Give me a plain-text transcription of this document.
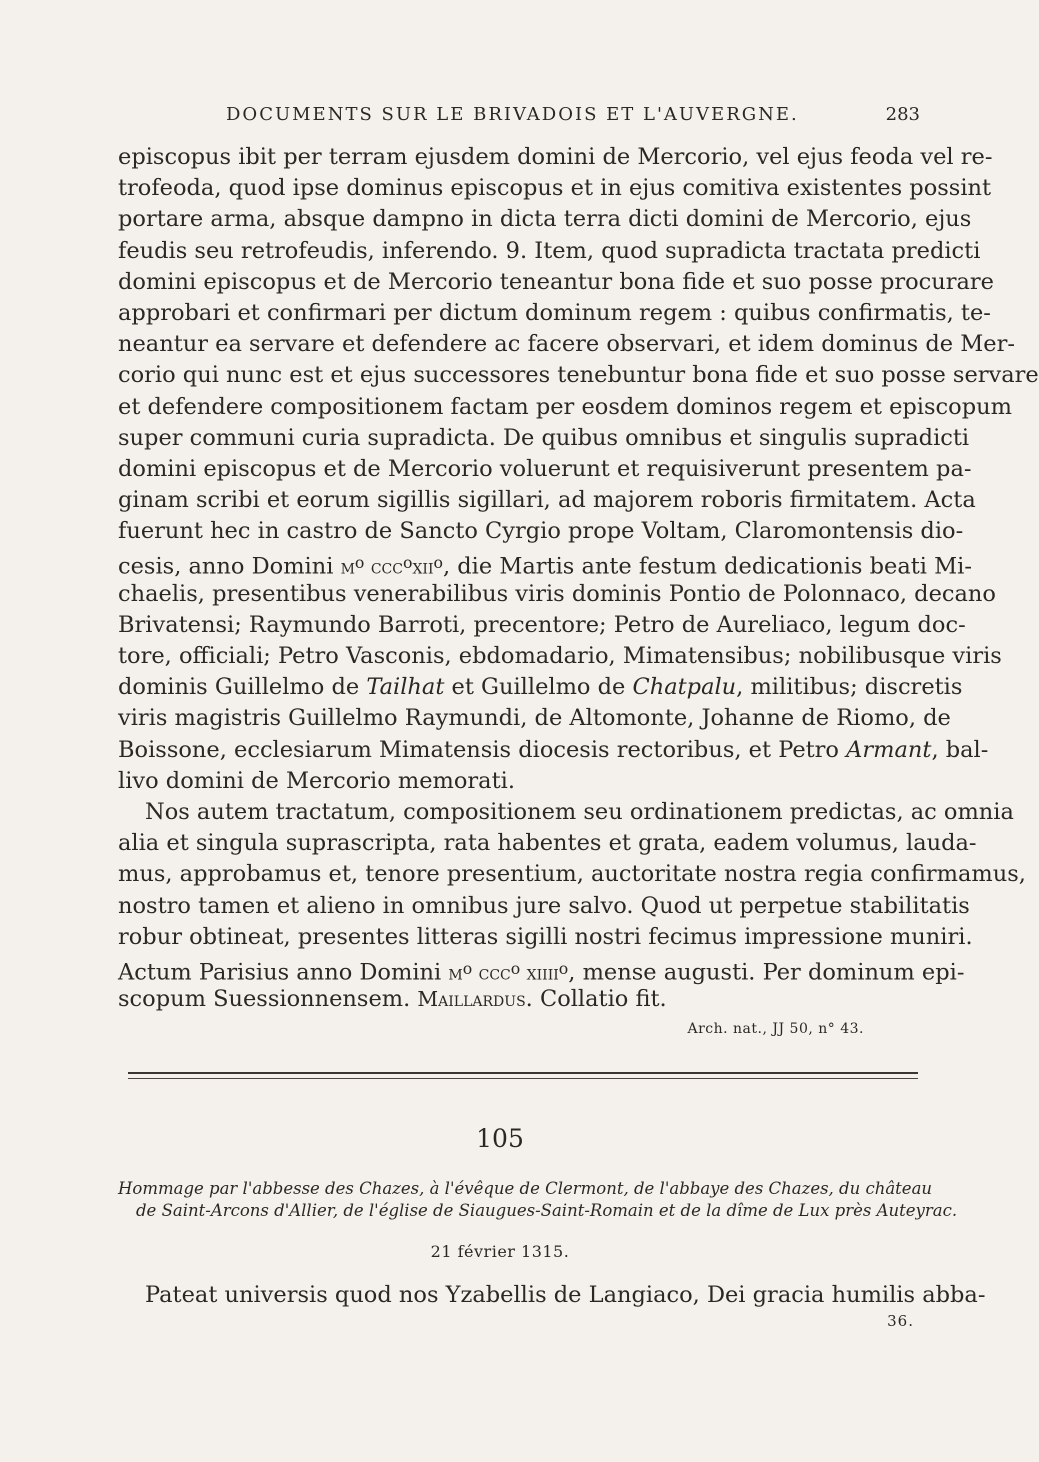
DOCUMENTS SUR LE BRIVADOIS ET L'AUVERGNE.	283
episcopus ibit per terram ejusdem domini de Mercorio, vel ejus feoda vel re-
trofeoda, quod ipse dominus episcopus et in ejus comitiva existentes possint
portare arma, absque dampno in dicta terra dicti domini de Mercorio, ejus
feudis seu retrofeudis, inferendo. 9. Item, quod supradicta tractata predicti
domini episcopus et de Mercorio teneantur bona fide et suo posse procurare
approbari et confirmari per dictum dominum regem : quibus confirmatis, te-
neantur ea servare et defendere ac facere observari, et idem dominus de Mer-
corio qui nunc est et ejus successores tenebuntur bona fide et suo posse servare
et defendere compositionem factam per eosdem dominos regem et episcopum
super communi curia supradicta. De quibus omnibus et singulis supradicti
domini episcopus et de Mercorio voluerunt et requisiverunt presentem pa-
ginam scribi et eorum sigillis sigillari, ad majorem roboris firmitatem. Acta
fuerunt hec in castro de Sancto Cyrgio prope Voltam, Claromontensis dio-
cesis, anno Domini $m^o$ ccc$^o$xii$^o$, die Martis ante festum dedicationis beati Mi-
chaelis, presentibus venerabilibus viris dominis Pontio de Polonnaco, decano
Brivatensi; Raymundo Barroti, precentore; Petro de Aureliaco, legum doc-
tore, officiali; Petro Vasconis, ebdomadario, Mimatensibus; nobilibusque viris
dominis Guillelmo de Tailhat et Guillelmo de Chatpalu, militibus; discretis
viris magistris Guillelmo Raymundi, de Altomonte, Johanne de Riomo, de
Boissone, ecclesiarum Mimatensis diocesis rectoribus, et Petro Armant, bal-
livo domini de Mercorio memorati.
Nos autem tractatum, compositionem seu ordinationem predictas, ac omnia
alia et singula suprascripta, rata habentes et grata, eadem volumus, lauda-
mus, approbamus et, tenore presentium, auctoritate nostra regia confirmamus,
nostro tamen et alieno in omnibus jure salvo. Quod ut perpetue stabilitatis
robur obtineat, presentes litteras sigilli nostri fecimus impressione muniri.
Actum Parisius anno Domini $m^o$ ccc$^o$ xiiii$^o$, mense augusti. Per dominum epi-
scopum Suessionnensem. Maillardus. Collatio fit.
Arch. nat., JJ 50, n° 43.
105
Hommage par l'abbesse des Chazes, à l'évêque de Clermont, de l'abbaye des Chazes, du château
de Saint-Arcons d'Allier, de l'église de Siaugues-Saint-Romain et de la dîme de Lux près Auteyrac.
21 février 1315.
Pateat universis quod nos Yzabellis de Langiaco, Dei gracia humilis abba-
36.
